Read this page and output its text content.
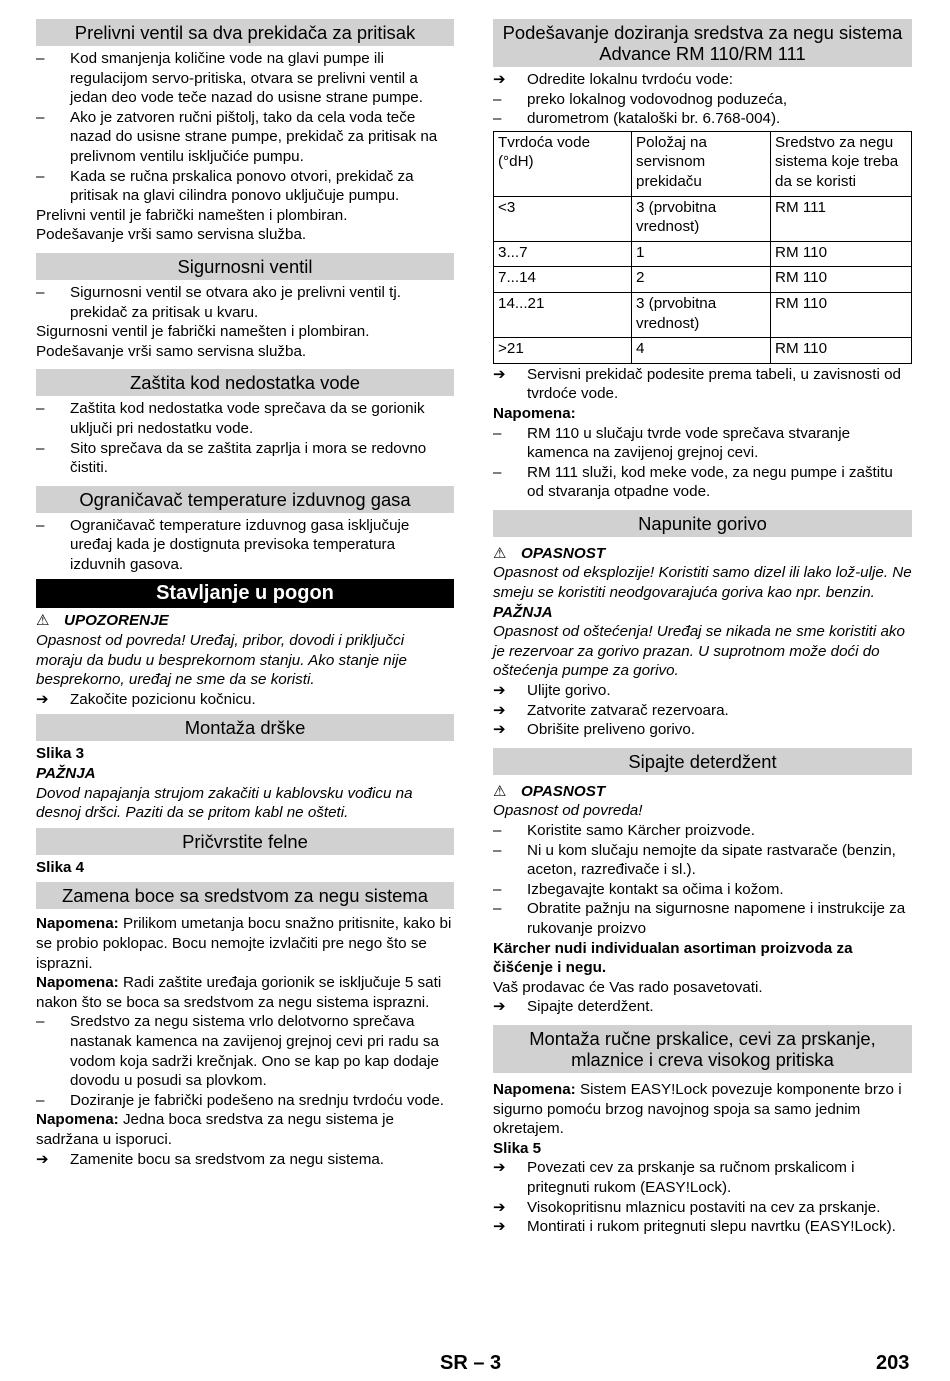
Prelivni ventil sa dva prekidača za pritisak
– Kod smanjenja količine vode na glavi pumpe ili regulacijom servo-pritiska, otvara se prelivni ventil a jedan deo vode teče nazad do usisne strane pumpe.
– Ako je zatvoren ručni pištolj, tako da cela voda teče nazad do usisne strane pumpe, prekidač za pritisak na prelivnom ventilu isključiće pumpu.
– Kada se ručna prskalica ponovo otvori, prekidač za pritisak na glavi cilindra ponovo uključuje pumpu.

Prelivni ventil je fabrički namešten i plombiran.

Podešavanje vrši samo servisna služba.

Sigurnosni ventil
– Sigurnosni ventil se otvara ako je prelivni ventil tj. prekidač za pritisak u kvaru.

Sigurnosni ventil je fabrički namešten i plombiran.

Podešavanje vrši samo servisna služba.

Zaštita kod nedostatka vode
– Zaštita kod nedostatka vode sprečava da se gorionik uključi pri nedostatku vode.
– Sito sprečava da se zaštita zaprlja i mora se redovno čistiti.
Ograničavač temperature izduvnog gasa
– Ograničavač temperature izduvnog gasa isključuje uređaj kada je dostignuta previsoka temperatura izduvnih gasova.
Stavljanje u pogon

⚠ UPOZORENJE

Opasnost od povreda! Uređaj, pribor, dovodi i priključci moraju da budu u besprekornom stanju. Ako stanje nije besprekorno, uređaj ne sme da se koristi.

➔ Zakočite pozicionu kočnicu.
Montaža drške

Slika 3

PAŽNJA

Dovod napajanja strujom zakačiti u kablovsku vođicu na desnoj dršci. Paziti da se pritom kabl ne ošteti.

Pričvrstite felne

Slika 4

Zamena boce sa sredstvom za negu sistema

Napomena: Prilikom umetanja bocu snažno pritisnite, kako bi se probio poklopac. Bocu nemojte izvlačiti pre nego što se isprazni.

Napomena: Radi zaštite uređaja gorionik se isključuje 5 sati nakon što se boca sa sredstvom za negu sistema isprazni.

– Sredstvo za negu sistema vrlo delotvorno sprečava nastanak kamenca na zavijenoj grejnoj cevi pri radu sa vodom koja sadrži krečnjak. Ono se kap po kap dodaje dovodu u posudi sa plovkom.
– Doziranje je fabrički podešeno na srednju tvrdoću vode.

Napomena: Jedna boca sredstva za negu sistema je sadržana u isporuci.

➔ Zamenite bocu sa sredstvom za negu sistema.
Podešavanje doziranja sredstva za negu sistema Advance RM 110/RM 111
➔ Odredite lokalnu tvrdoću vode:
– preko lokalnog vodovodnog poduzeća,
– durometrom (kataloški br. 6.768-004).
Tvrdoća vode (°dH)	Položaj na servisnom prekidaču	Sredstvo za negu sistema koje treba da se koristi
<3	3 (prvobitna vrednost)	RM 111
3...7	1	RM 110
7...14	2	RM 110
14...21	3 (prvobitna vrednost)	RM 110
>21	4	RM 110
➔ Servisni prekidač podesite prema tabeli, u zavisnosti od tvrdoće vode.

Napomena:

– RM 110 u slučaju tvrde vode sprečava stvaranje kamenca na zavijenoj grejnoj cevi.
– RM 111 služi, kod meke vode, za negu pumpe i zaštitu od stvaranja otpadne vode.
Napunite gorivo

⚠ OPASNOST

Opasnost od eksplozije! Koristiti samo dizel ili lako lož-ulje. Ne smeju se koristiti neodgovarajuća goriva kao npr. benzin.

PAŽNJA

Opasnost od oštećenja! Uređaj se nikada ne sme koristiti ako je rezervoar za gorivo prazan. U suprotnom može doći do oštećenja pumpe za gorivo.

➔ Ulijte gorivo.
➔ Zatvorite zatvarač rezervoara.
➔ Obrišite preliveno gorivo.
Sipajte deterdžent

⚠ OPASNOST

Opasnost od povreda!

– Koristite samo Kärcher proizvode.
– Ni u kom slučaju nemojte da sipate rastvarače (benzin, aceton, razređivače i sl.).
– Izbegavajte kontakt sa očima i kožom.
– Obratite pažnju na sigurnosne napomene i instrukcije za rukovanje proizvo

Kärcher nudi individualan asortiman proizvoda za čišćenje i negu.

Vaš prodavac će Vas rado posavetovati.

➔ Sipajte deterdžent.
Montaža ručne prskalice, cevi za prskanje, mlaznice i creva visokog pritiska

Napomena: Sistem EASY!Lock povezuje komponente brzo i sigurno pomoću brzog navojnog spoja sa samo jednim okretajem.

Slika 5

➔ Povezati cev za prskanje sa ručnom prskalicom i pritegnuti rukom (EASY!Lock).
➔ Visokopritisnu mlaznicu postaviti na cev za prskanje.
➔ Montirati i rukom pritegnuti slepu navrtku (EASY!Lock).
SR – 3	203
